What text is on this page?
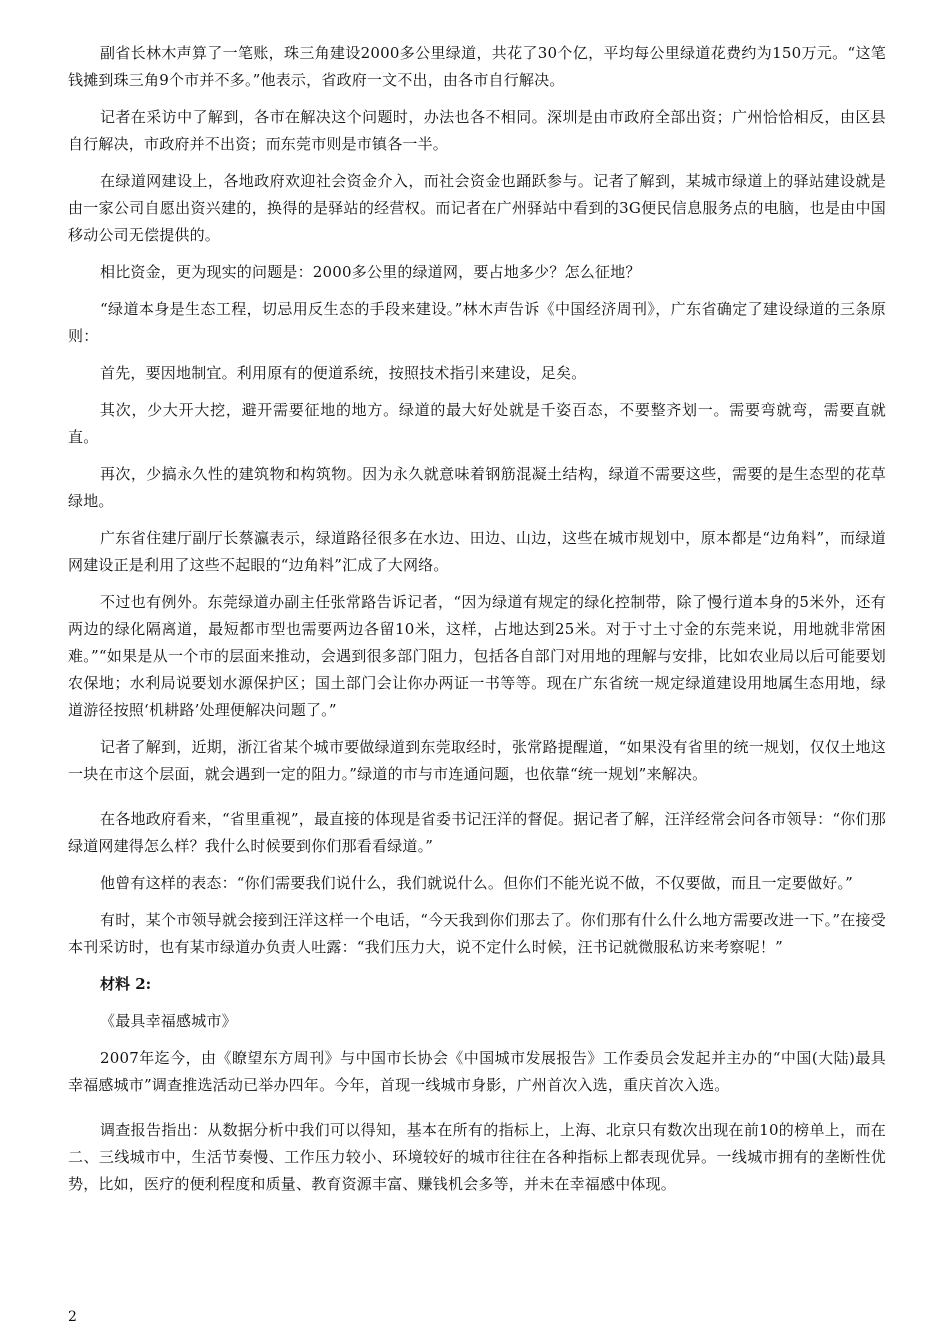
副省长林木声算了一笔账，珠三角建设2000多公里绿道，共花了30个亿，平均每公里绿道花费约为150万元。“这笔钱摊到珠三角9个市并不多。”他表示，省政府一文不出，由各市自行解决。

记者在采访中了解到，各市在解决这个问题时，办法也各不相同。深圳是由市政府全部出资；广州恰恰相反，由区县自行解决，市政府并不出资；而东莞市则是市镇各一半。

在绿道网建设上，各地政府欢迎社会资金介入，而社会资金也踊跃参与。记者了解到，某城市绿道上的驿站建设就是由一家公司自愿出资兴建的，换得的是驿站的经营权。而记者在广州驿站中看到的3G便民信息服务点的电脑，也是由中国移动公司无偿提供的。

相比资金，更为现实的问题是：2000多公里的绿道网，要占地多少？怎么征地？

“绿道本身是生态工程，切忌用反生态的手段来建设。”林木声告诉《中国经济周刊》，广东省确定了建设绿道的三条原则：

首先，要因地制宜。利用原有的便道系统，按照技术指引来建设，足矣。

其次，少大开大挖，避开需要征地的地方。绿道的最大好处就是千姿百态，不要整齐划一。需要弯就弯，需要直就直。

再次，少搞永久性的建筑物和构筑物。因为永久就意味着钢筋混凝土结构，绿道不需要这些，需要的是生态型的花草绿地。

广东省住建厅副厅长蔡瀛表示，绿道路径很多在水边、田边、山边，这些在城市规划中，原本都是“边角料”，而绿道网建设正是利用了这些不起眼的“边角料”汇成了大网络。

不过也有例外。东莞绿道办副主任张常路告诉记者，“因为绿道有规定的绿化控制带，除了慢行道本身的5米外，还有两边的绿化隔离道，最短都市型也需要两边各留10米，这样，占地达到25米。对于寸土寸金的东莞来说，用地就非常困难。”“如果是从一个市的层面来推动，会遇到很多部门阻力，包括各自部门对用地的理解与安排，比如农业局以后可能要划农保地；水利局说要划水源保护区；国土部门会让你办两证一书等等。现在广东省统一规定绿道建设用地属生态用地，绿道游径按照‘机耕路’处理便解决问题了。”

记者了解到，近期，浙江省某个城市要做绿道到东莞取经时，张常路提醒道，“如果没有省里的统一规划，仅仅土地这一块在市这个层面，就会遇到一定的阻力。”绿道的市与市连通问题，也依靠“统一规划”来解决。

在各地政府看来，“省里重视”，最直接的体现是省委书记汪洋的督促。据记者了解，汪洋经常会问各市领导：“你们那绿道网建得怎么样？我什么时候要到你们那看看绿道。”

他曾有这样的表态：“你们需要我们说什么，我们就说什么。但你们不能光说不做，不仅要做，而且一定要做好。”

有时，某个市领导就会接到汪洋这样一个电话，“今天我到你们那去了。你们那有什么什么地方需要改进一下。”在接受本刊采访时，也有某市绿道办负责人吐露：“我们压力大，说不定什么时候，汪书记就微服私访来考察呢！”

材料 2:

《最具幸福感城市》

2007年迄今，由《瞭望东方周刊》与中国市长协会《中国城市发展报告》工作委员会发起并主办的“中国(大陆)最具幸福感城市”调查推选活动已举办四年。今年，首现一线城市身影，广州首次入选，重庆首次入选。

调查报告指出：从数据分析中我们可以得知，基本在所有的指标上，上海、北京只有数次出现在前10的榜单上，而在二、三线城市中，生活节奏慢、工作压力较小、环境较好的城市往往在各种指标上都表现优异。一线城市拥有的垄断性优势，比如，医疗的便利程度和质量、教育资源丰富、赚钱机会多等，并未在幸福感中体现。

2
